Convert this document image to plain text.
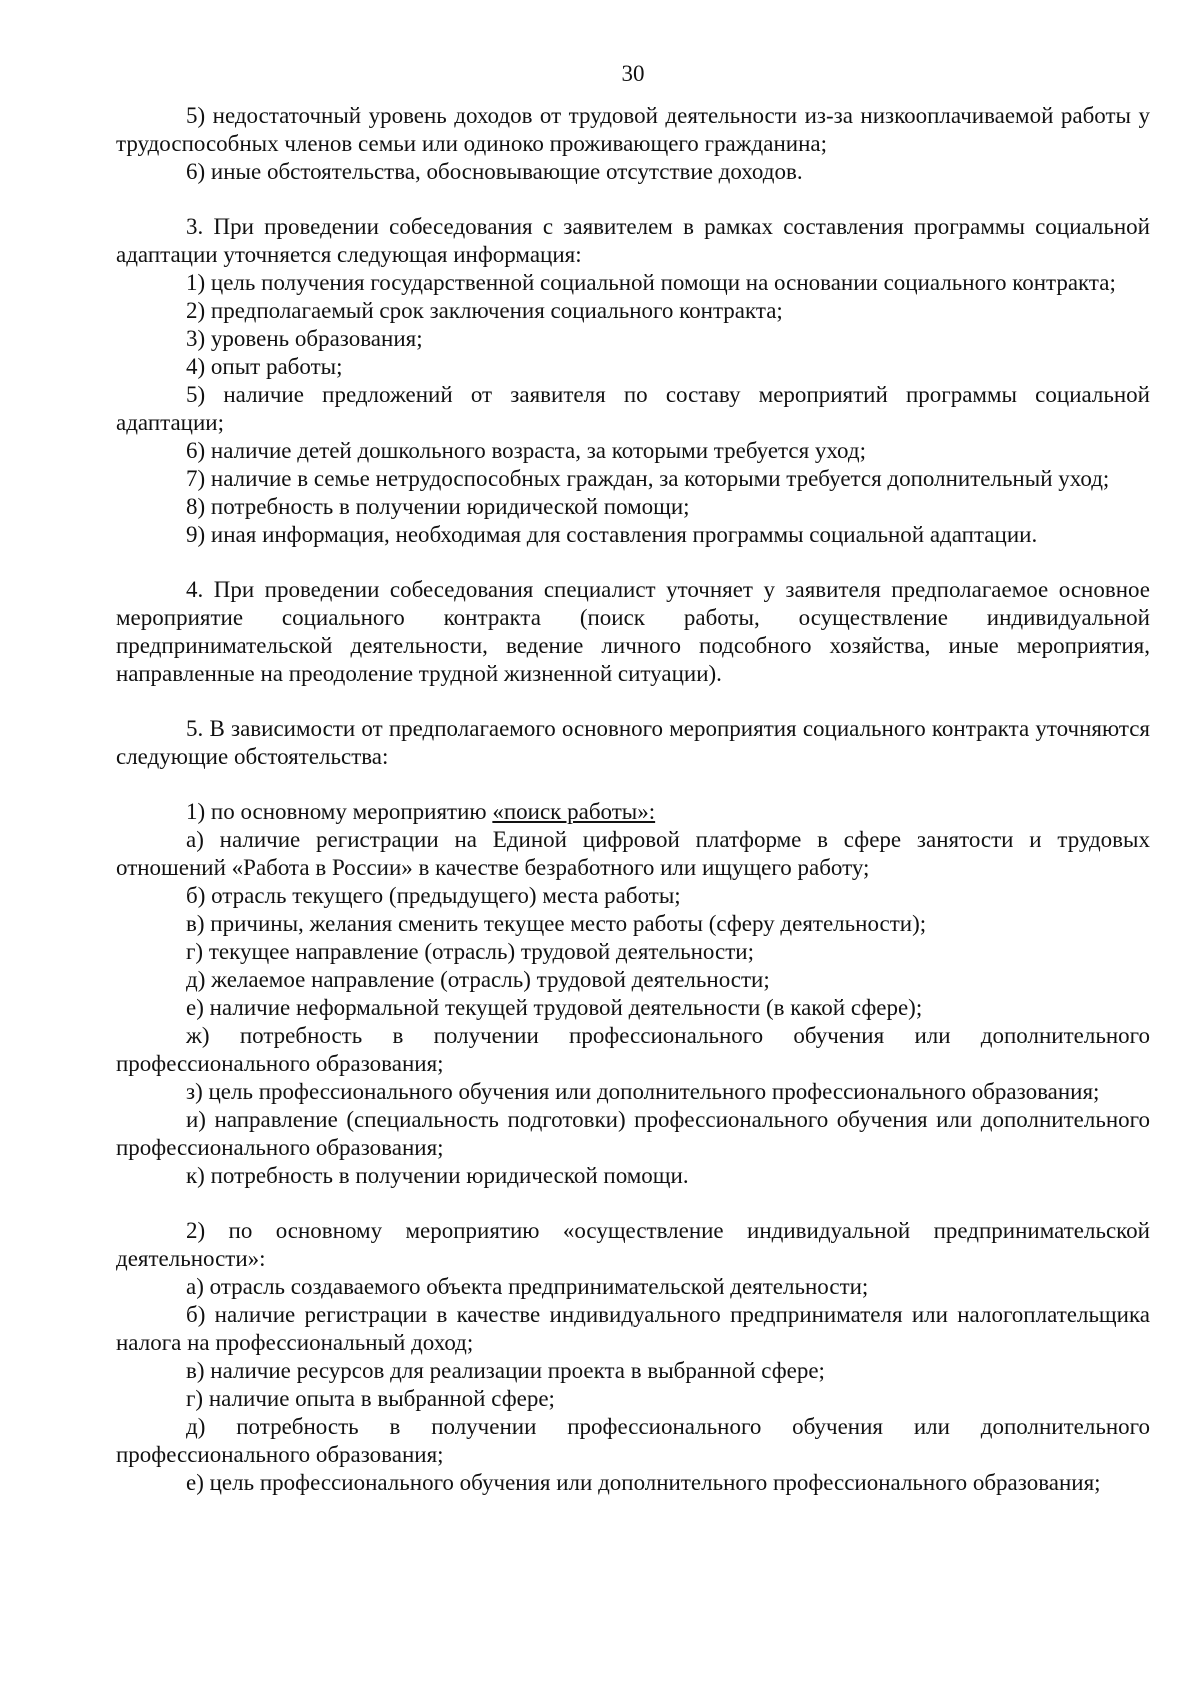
30

5) недостаточный уровень доходов от трудовой деятельности из-за низкооплачиваемой работы у трудоспособных членов семьи или одиноко проживающего гражданина;

6) иные обстоятельства, обосновывающие отсутствие доходов.

3. При проведении собеседования с заявителем в рамках составления программы социальной адаптации уточняется следующая информация:

1) цель получения государственной социальной помощи на основании социального контракта;

2) предполагаемый срок заключения социального контракта;

3) уровень образования;

4) опыт работы;

5) наличие предложений от заявителя по составу мероприятий программы социальной адаптации;

6) наличие детей дошкольного возраста, за которыми требуется уход;

7) наличие в семье нетрудоспособных граждан, за которыми требуется дополнительный уход;

8) потребность в получении юридической помощи;

9) иная информация, необходимая для составления программы социальной адаптации.

4. При проведении собеседования специалист уточняет у заявителя предполагаемое основное мероприятие социального контракта (поиск работы, осуществление индивидуальной предпринимательской деятельности, ведение личного подсобного хозяйства, иные мероприятия, направленные на преодоление трудной жизненной ситуации).

5. В зависимости от предполагаемого основного мероприятия социального контракта уточняются следующие обстоятельства:

1) по основному мероприятию «поиск работы»:

а) наличие регистрации на Единой цифровой платформе в сфере занятости и трудовых отношений «Работа в России» в качестве безработного или ищущего работу;

б) отрасль текущего (предыдущего) места работы;

в) причины, желания сменить текущее место работы (сферу деятельности);

г) текущее направление (отрасль) трудовой деятельности;

д) желаемое направление (отрасль) трудовой деятельности;

е) наличие неформальной текущей трудовой деятельности (в какой сфере);

ж) потребность в получении профессионального обучения или дополнительного профессионального образования;

з) цель профессионального обучения или дополнительного профессионального образования;

и) направление (специальность подготовки) профессионального обучения или дополнительного профессионального образования;

к) потребность в получении юридической помощи.

2) по основному мероприятию «осуществление индивидуальной предпринимательской деятельности»:

а) отрасль создаваемого объекта предпринимательской деятельности;

б) наличие регистрации в качестве индивидуального предпринимателя или налогоплательщика налога на профессиональный доход;

в) наличие ресурсов для реализации проекта в выбранной сфере;

г) наличие опыта в выбранной сфере;

д) потребность в получении профессионального обучения или дополнительного профессионального образования;

е) цель профессионального обучения или дополнительного профессионального образования;
